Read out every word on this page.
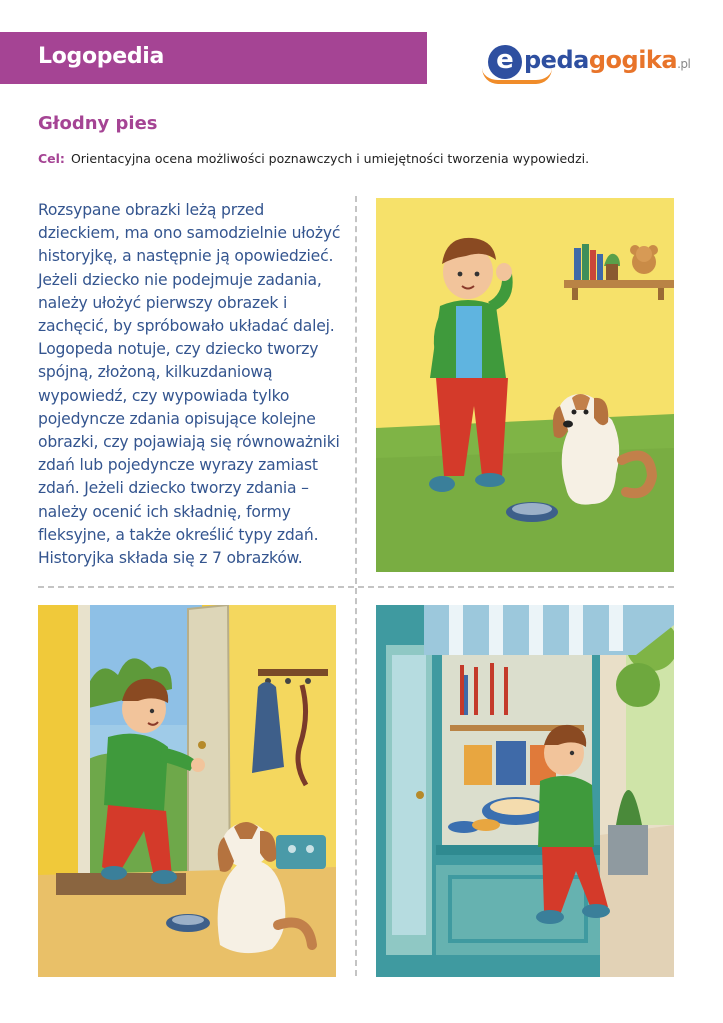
Logopedia	e pedagogika.pl
Głodny pies
Cel: Orientacyjna ocena możliwości poznawczych i umiejętności tworzenia wypowiedzi.
Rozsypane obrazki leżą przed
dzieckiem, ma ono samodzielnie ułożyć
historyjkę, a następnie ją opowiedzieć.
Jeżeli dziecko nie podejmuje zadania,
należy ułożyć pierwszy obrazek i
zachęcić, by spróbowało układać dalej.
Logopeda notuje, czy dziecko tworzy
spójną, złożoną, kilkuzdaniową
wypowiedź, czy wypowiada tylko
pojedyncze zdania opisujące kolejne
obrazki, czy pojawiają się równoważniki
zdań lub pojedyncze wyrazy zamiast
zdań. Jeżeli dziecko tworzy zdania –
należy ocenić ich składnię, formy
fleksyjne, a także określić typy zdań.
Historyjka składa się z 7 obrazków.
